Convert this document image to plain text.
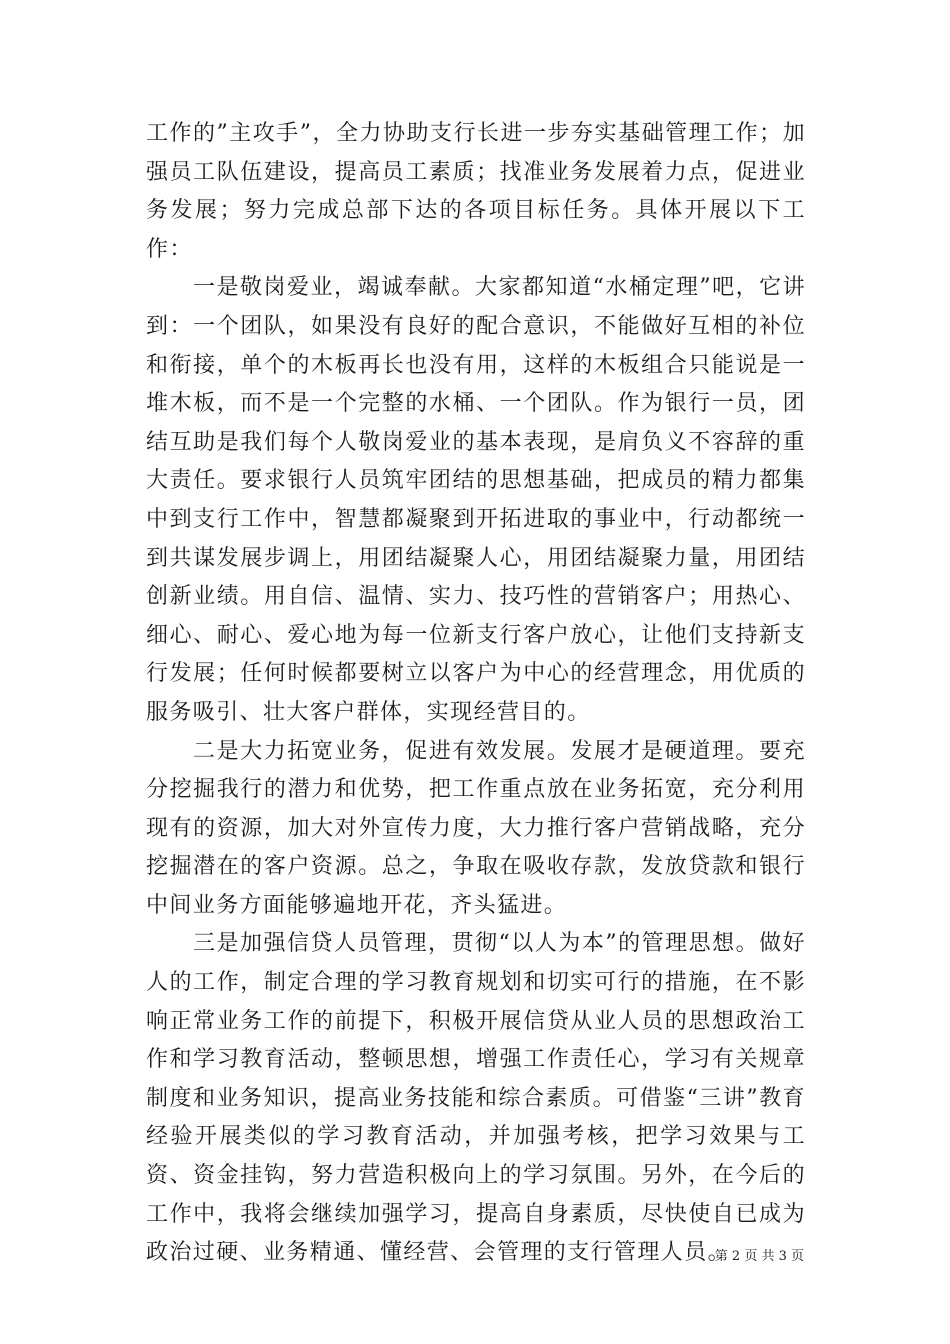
工作的”主攻手”，全力协助支行长进一步夯实基础管理工作；加强员工队伍建设，提高员工素质；找准业务发展着力点，促进业务发展；努力完成总部下达的各项目标任务。具体开展以下工作：

一是敬岗爱业，竭诚奉献。大家都知道“水桶定理”吧，它讲到：一个团队，如果没有良好的配合意识，不能做好互相的补位和衔接，单个的木板再长也没有用，这样的木板组合只能说是一堆木板，而不是一个完整的水桶、一个团队。作为银行一员，团结互助是我们每个人敬岗爱业的基本表现，是肩负义不容辞的重大责任。要求银行人员筑牢团结的思想基础，把成员的精力都集中到支行工作中，智慧都凝聚到开拓进取的事业中，行动都统一到共谋发展步调上，用团结凝聚人心，用团结凝聚力量，用团结创新业绩。用自信、温情、实力、技巧性的营销客户；用热心、细心、耐心、爱心地为每一位新支行客户放心，让他们支持新支行发展；任何时候都要树立以客户为中心的经营理念，用优质的服务吸引、壮大客户群体，实现经营目的。

二是大力拓宽业务，促进有效发展。发展才是硬道理。要充分挖掘我行的潜力和优势，把工作重点放在业务拓宽，充分利用现有的资源，加大对外宣传力度，大力推行客户营销战略，充分挖掘潜在的客户资源。总之，争取在吸收存款，发放贷款和银行中间业务方面能够遍地开花，齐头猛进。

三是加强信贷人员管理，贯彻“以人为本”的管理思想。做好人的工作，制定合理的学习教育规划和切实可行的措施，在不影响正常业务工作的前提下，积极开展信贷从业人员的思想政治工作和学习教育活动，整顿思想，增强工作责任心，学习有关规章制度和业务知识，提高业务技能和综合素质。可借鉴“三讲”教育经验开展类似的学习教育活动，并加强考核，把学习效果与工资、资金挂钩，努力营造积极向上的学习氛围。另外，在今后的工作中，我将会继续加强学习，提高自身素质，尽快使自已成为政治过硬、业务精通、懂经营、会管理的支行管理人员。

第 2 页 共 3 页
